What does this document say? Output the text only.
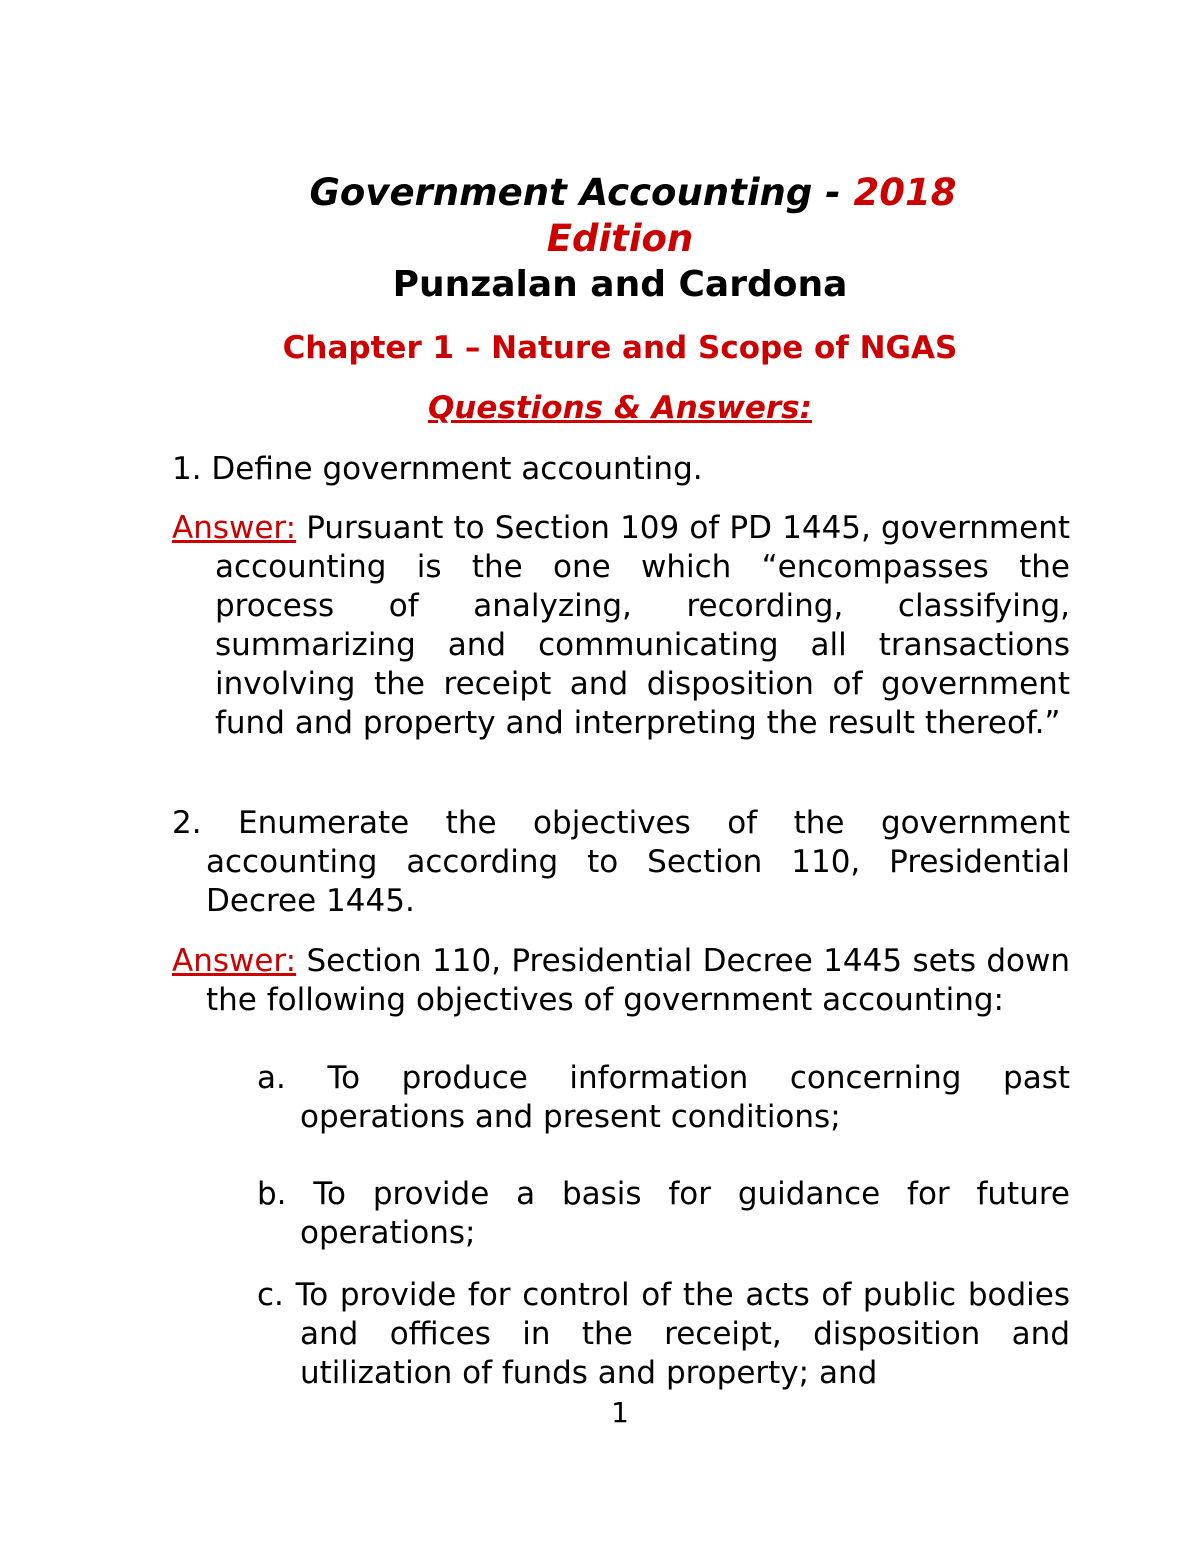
Government Accounting - 2018
Edition
Punzalan and Cardona
Chapter 1 – Nature and Scope of NGAS
Questions & Answers:
1. Define government accounting.
Answer: Pursuant to Section 109 of PD 1445, government accounting is the one which “encompasses the process of analyzing, recording, classifying, summarizing and communicating all transactions involving the receipt and disposition of government fund and property and interpreting the result thereof.”
2. Enumerate the objectives of the government accounting according to Section 110, Presidential Decree 1445.
Answer: Section 110, Presidential Decree 1445 sets down the following objectives of government accounting:
a. To produce information concerning past operations and present conditions;
b. To provide a basis for guidance for future operations;
c. To provide for control of the acts of public bodies and offices in the receipt, disposition and utilization of funds and property; and
1
